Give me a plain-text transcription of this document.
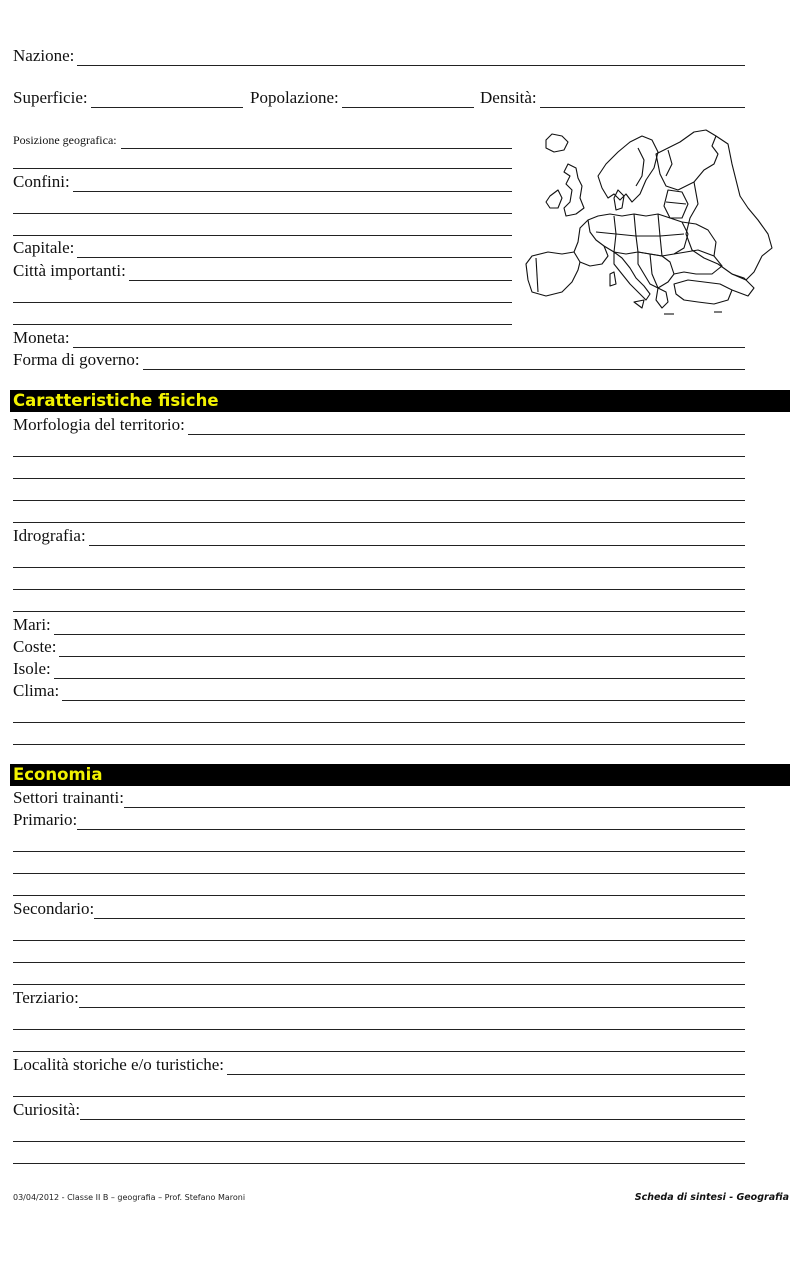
Nazione:
Superficie:	Popolazione:	Densità:
Posizione geografica:
Confini:
Capitale:
Città importanti:
Moneta:
Forma di governo:
Caratteristiche fisiche
Morfologia del territorio:
Idrografia:
Mari:
Coste:
Isole:
Clima:
Economia
Settori trainanti:
Primario:
Secondario:
Terziario:
Località storiche e/o turistiche:
Curiosità:
03/04/2012 - Classe II B – geografia – Prof. Stefano Maroni	Scheda di sintesi - Geografia
